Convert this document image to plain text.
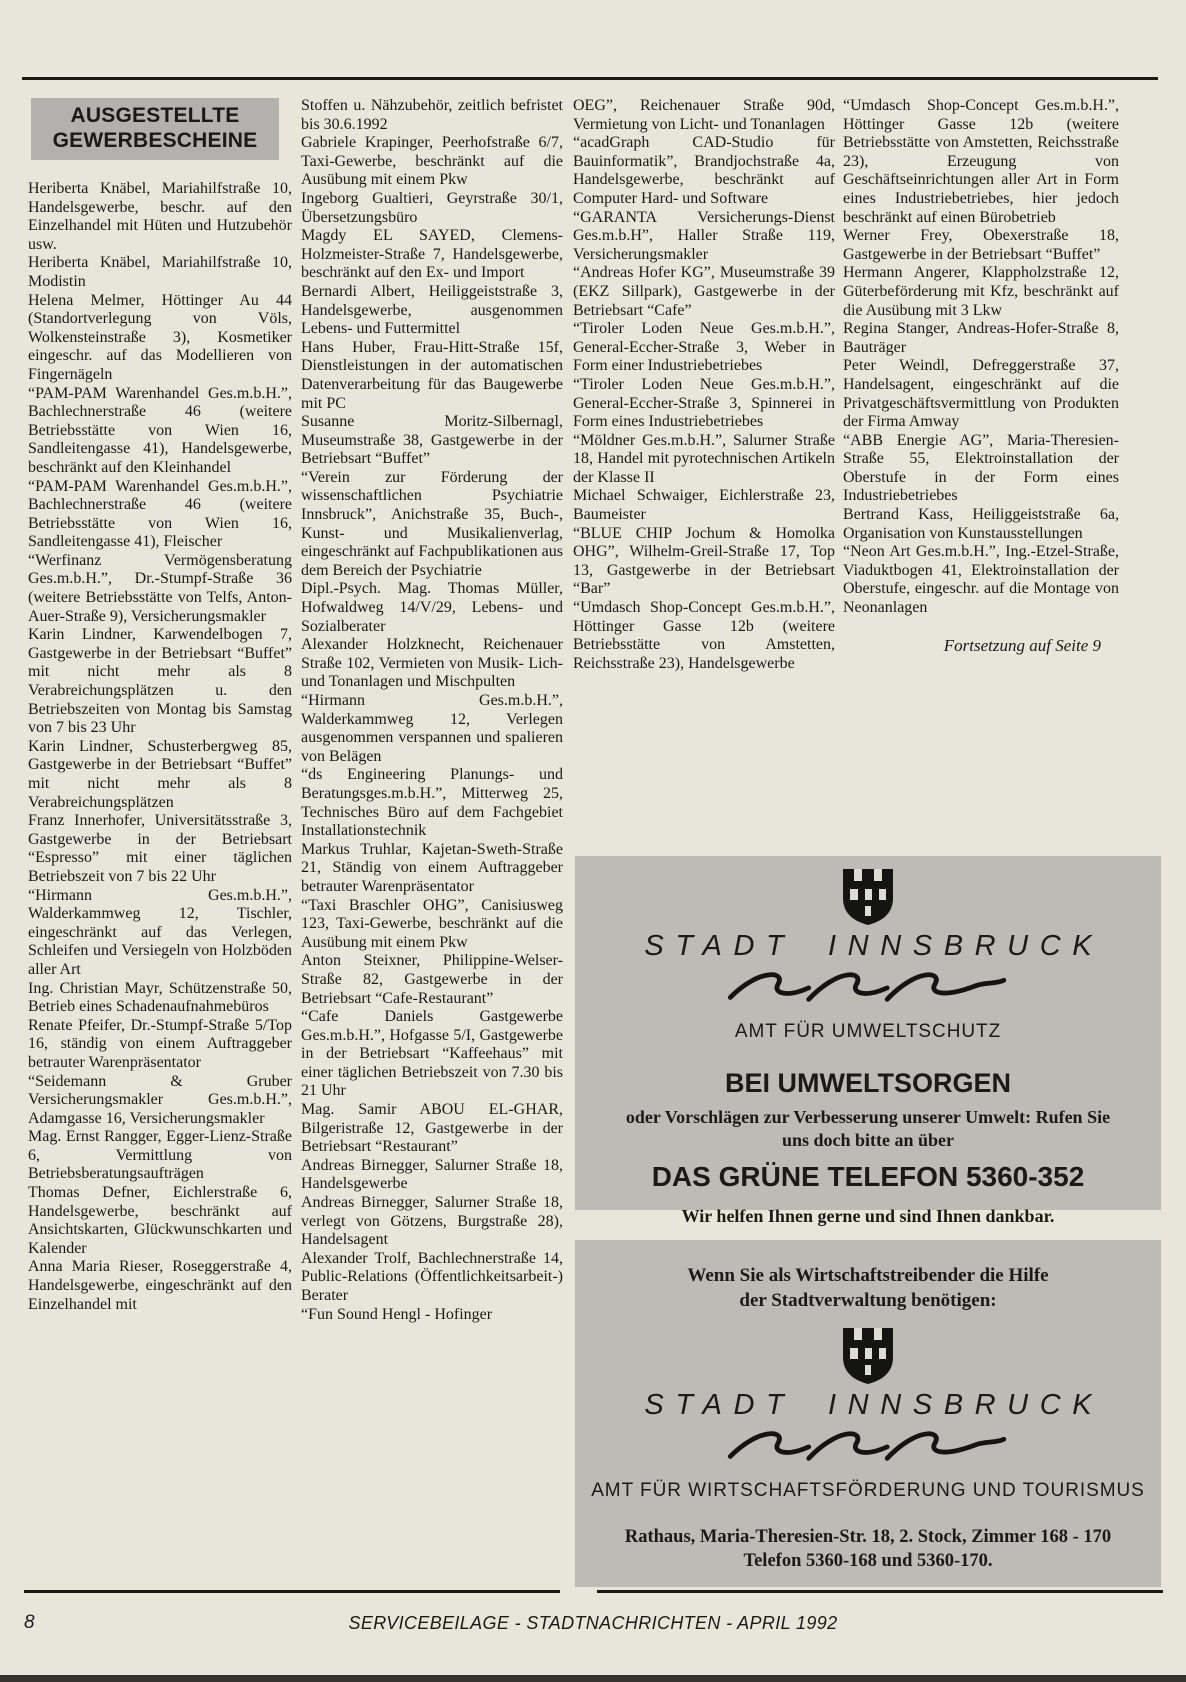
AUSGESTELLTE
GEWERBESCHEINE

Heriberta Knäbel, Mariahilfstraße 10, Handelsgewerbe, beschr. auf den Einzelhandel mit Hüten und Hutzubehör usw.

Heriberta Knäbel, Mariahilfstraße 10, Modistin

Helena Melmer, Höttinger Au 44 (Standortverlegung von Völs, Wolkensteinstraße 3), Kosmetiker eingeschr. auf das Modellieren von Fingernägeln

“PAM-PAM Warenhandel Ges.m.b.H.”, Bachlechnerstraße 46 (weitere Betriebsstätte von Wien 16, Sandleitengasse 41), Handelsgewerbe, beschränkt auf den Kleinhandel

“PAM-PAM Warenhandel Ges.m.b.H.”, Bachlechnerstraße 46 (weitere Betriebsstätte von Wien 16, Sandleitengasse 41), Fleischer

“Werfinanz Vermögensberatung Ges.m.b.H.”, Dr.-Stumpf-Straße 36 (weitere Betriebsstätte von Telfs, Anton-Auer-Straße 9), Versicherungsmakler

Karin Lindner, Karwendelbogen 7, Gastgewerbe in der Betriebsart “Buffet” mit nicht mehr als 8 Verabreichungsplätzen u. den Betriebszeiten von Montag bis Samstag von 7 bis 23 Uhr

Karin Lindner, Schusterbergweg 85, Gastgewerbe in der Betriebsart “Buffet” mit nicht mehr als 8 Verabreichungsplätzen

Franz Innerhofer, Universitätsstraße 3, Gastgewerbe in der Betriebsart “Espresso” mit einer täglichen Betriebszeit von 7 bis 22 Uhr

“Hirmann Ges.m.b.H.”, Walderkammweg 12, Tischler, eingeschränkt auf das Verlegen, Schleifen und Versiegeln von Holzböden aller Art

Ing. Christian Mayr, Schützenstraße 50, Betrieb eines Schadenaufnahmebüros

Renate Pfeifer, Dr.-Stumpf-Straße 5/Top 16, ständig von einem Auftraggeber betrauter Warenpräsentator

“Seidemann & Gruber Versicherungsmakler Ges.m.b.H.”, Adamgasse 16, Versicherungsmakler

Mag. Ernst Rangger, Egger-Lienz-Straße 6, Vermittlung von Betriebsberatungsaufträgen

Thomas Defner, Eichlerstraße 6, Handelsgewerbe, beschränkt auf Ansichtskarten, Glückwunschkarten und Kalender

Anna Maria Rieser, Roseggerstraße 4, Handelsgewerbe, eingeschränkt auf den Einzelhandel mit

Stoffen u. Nähzubehör, zeitlich befristet bis 30.6.1992

Gabriele Krapinger, Peerhofstraße 6/7, Taxi-Gewerbe, beschränkt auf die Ausübung mit einem Pkw

Ingeborg Gualtieri, Geyrstraße 30/1, Übersetzungsbüro

Magdy EL SAYED, Clemens-Holzmeister-Straße 7, Handelsgewerbe, beschränkt auf den Ex- und Import

Bernardi Albert, Heiliggeiststraße 3, Handelsgewerbe, ausgenommen Lebens- und Futtermittel

Hans Huber, Frau-Hitt-Straße 15f, Dienstleistungen in der automatischen Datenverarbeitung für das Baugewerbe mit PC

Susanne Moritz-Silbernagl, Museumstraße 38, Gastgewerbe in der Betriebsart “Buffet”

“Verein zur Förderung der wissenschaftlichen Psychiatrie Innsbruck”, Anichstraße 35, Buch-, Kunst- und Musikalienverlag, eingeschränkt auf Fachpublikationen aus dem Bereich der Psychiatrie

Dipl.-Psych. Mag. Thomas Müller, Hofwaldweg 14/V/29, Lebens- und Sozialberater

Alexander Holzknecht, Reichenauer Straße 102, Vermieten von Musik- Lich- und Tonanlagen und Mischpulten

“Hirmann Ges.m.b.H.”, Walderkammweg 12, Verlegen ausgenommen verspannen und spalieren von Belägen

“ds Engineering Planungs- und Beratungsges.m.b.H.”, Mitterweg 25, Technisches Büro auf dem Fachgebiet Installationstechnik

Markus Truhlar, Kajetan-Sweth-Straße 21, Ständig von einem Auftraggeber betrauter Warenpräsentator

“Taxi Braschler OHG”, Canisiusweg 123, Taxi-Gewerbe, beschränkt auf die Ausübung mit einem Pkw

Anton Steixner, Philippine-Welser-Straße 82, Gastgewerbe in der Betriebsart “Cafe-Restaurant”

“Cafe Daniels Gastgewerbe Ges.m.b.H.”, Hofgasse 5/I, Gastgewerbe in der Betriebsart “Kaffeehaus” mit einer täglichen Betriebszeit von 7.30 bis 21 Uhr

Mag. Samir ABOU EL-GHAR, Bilgeristraße 12, Gastgewerbe in der Betriebsart “Restaurant”

Andreas Birnegger, Salurner Straße 18, Handelsgewerbe

Andreas Birnegger, Salurner Straße 18, verlegt von Götzens, Burgstraße 28), Handelsagent

Alexander Trolf, Bachlechnerstraße 14, Public-Relations (Öffentlichkeitsarbeit-) Berater

“Fun Sound Hengl - Hofinger

OEG”, Reichenauer Straße 90d, Vermietung von Licht- und Tonanlagen

“acadGraph CAD-Studio für Bauinformatik”, Brandjochstraße 4a, Handelsgewerbe, beschränkt auf Computer Hard- und Software

“GARANTA Versicherungs-Dienst Ges.m.b.H”, Haller Straße 119, Versicherungsmakler

“Andreas Hofer KG”, Museumstraße 39 (EKZ Sillpark), Gastgewerbe in der Betriebsart “Cafe”

“Tiroler Loden Neue Ges.m.b.H.”, General-Eccher-Straße 3, Weber in Form einer Industriebetriebes

“Tiroler Loden Neue Ges.m.b.H.”, General-Eccher-Straße 3, Spinnerei in Form eines Industriebetriebes

“Möldner Ges.m.b.H.”, Salurner Straße 18, Handel mit pyrotechnischen Artikeln der Klasse II

Michael Schwaiger, Eichlerstraße 23, Baumeister

“BLUE CHIP Jochum & Homolka OHG”, Wilhelm-Greil-Straße 17, Top 13, Gastgewerbe in der Betriebsart “Bar”

“Umdasch Shop-Concept Ges.m.b.H.”, Höttinger Gasse 12b (weitere Betriebsstätte von Amstetten, Reichsstraße 23), Handelsgewerbe

“Umdasch Shop-Concept Ges.m.b.H.”, Höttinger Gasse 12b (weitere Betriebsstätte von Amstetten, Reichsstraße 23), Erzeugung von Geschäftseinrichtungen aller Art in Form eines Industriebetriebes, hier jedoch beschränkt auf einen Bürobetrieb

Werner Frey, Obexerstraße 18, Gastgewerbe in der Betriebsart “Buffet”

Hermann Angerer, Klappholzstraße 12, Güterbeförderung mit Kfz, beschränkt auf die Ausübung mit 3 Lkw

Regina Stanger, Andreas-Hofer-Straße 8, Bauträger

Peter Weindl, Defreggerstraße 37, Handelsagent, eingeschränkt auf die Privatgeschäftsvermittlung von Produkten der Firma Amway

“ABB Energie AG”, Maria-Theresien-Straße 55, Elektroinstallation der Oberstufe in der Form eines Industriebetriebes

Bertrand Kass, Heiliggeiststraße 6a, Organisation von Kunstausstellungen

“Neon Art Ges.m.b.H.”, Ing.-Etzel-Straße, Viaduktbogen 41, Elektroinstallation der Oberstufe, eingeschr. auf die Montage von Neonanlagen

Fortsetzung auf Seite 9
STADT INNSBRUCK
AMT FÜR UMWELTSCHUTZ
BEI UMWELTSORGEN
oder Vorschlägen zur Verbesserung unserer Umwelt: Rufen Sie uns doch bitte an über
DAS GRÜNE TELEFON 5360-352
Wir helfen Ihnen gerne und sind Ihnen dankbar.
Wenn Sie als Wirtschaftstreibender die Hilfe
der Stadtverwaltung benötigen:
STADT INNSBRUCK
AMT FÜR WIRTSCHAFTSFÖRDERUNG UND TOURISMUS
Rathaus, Maria-Theresien-Str. 18, 2. Stock, Zimmer 168 - 170
Telefon 5360-168 und 5360-170.
8	SERVICEBEILAGE - STADTNACHRICHTEN - APRIL 1992
